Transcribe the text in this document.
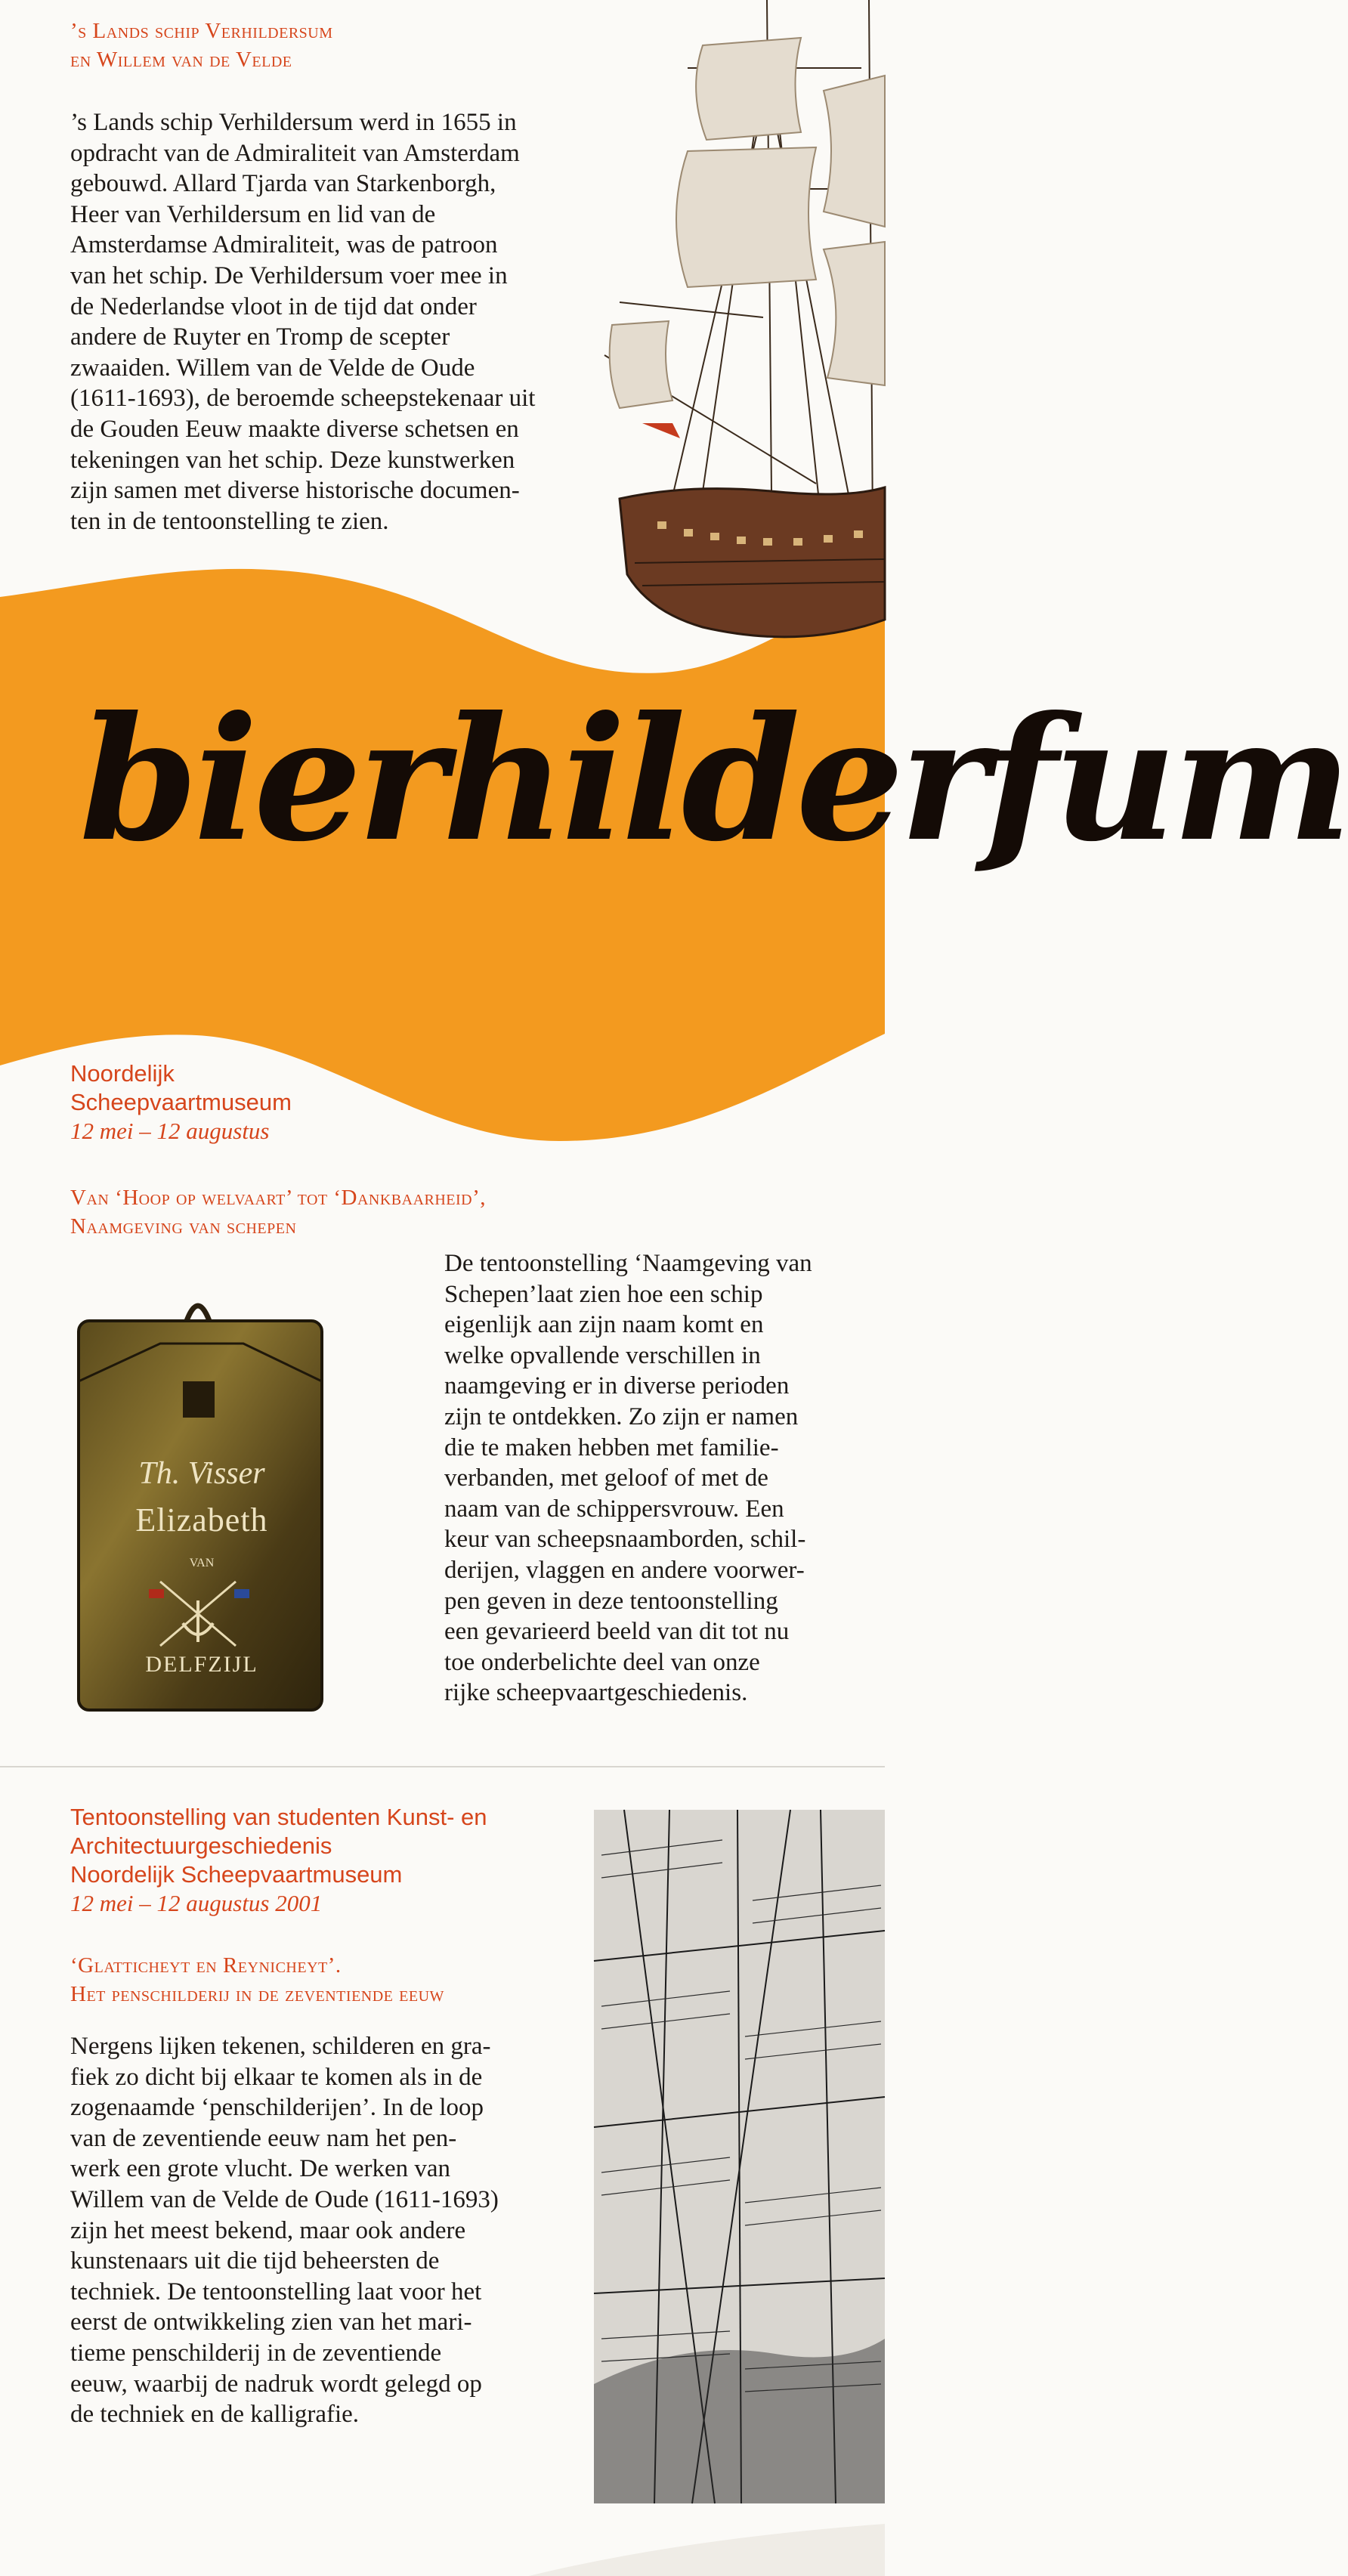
’s Lands schip Verhildersum
en Willem van de Velde

’s Lands schip Verhildersum werd in 1655 in
opdracht van de Admiraliteit van Amsterdam
gebouwd. Allard Tjarda van Starkenborgh,
Heer van Verhildersum en lid van de
Amsterdamse Admiraliteit, was de patroon
van het schip. De Verhildersum voer mee in
de Nederlandse vloot in de tijd dat onder
andere de Ruyter en Tromp de scepter
zwaaiden. Willem van de Velde de Oude
(1611-1693), de beroemde scheepstekenaar uit
de Gouden Eeuw maakte diverse schetsen en
tekeningen van het schip. Deze kunstwerken
zijn samen met diverse historische documen-
ten in de tentoonstelling te zien.

bierhilderfum

Noordelijk
Scheepvaartmuseum
12 mei – 12 augustus

Van ‘Hoop op welvaart’ tot ‘Dankbaarheid’,
Naamgeving van schepen

Th. Visser
Elizabeth
VAN
DELFZIJL

De tentoonstelling ‘Naamgeving van
Schepen’laat zien hoe een schip
eigenlijk aan zijn naam komt en
welke opvallende verschillen in
naamgeving er in diverse perioden
zijn te ontdekken. Zo zijn er namen
die te maken hebben met familie-
verbanden, met geloof of met de
naam van de schippersvrouw. Een
keur van scheepsnaamborden, schil-
derijen, vlaggen en andere voorwer-
pen geven in deze tentoonstelling
een gevarieerd beeld van dit tot nu
toe onderbelichte deel van onze
rijke scheepvaartgeschiedenis.

Tentoonstelling van studenten Kunst- en
Architectuurgeschiedenis
Noordelijk Scheepvaartmuseum
12 mei – 12 augustus 2001

‘Glatticheyt en Reynicheyt’.
Het penschilderij in de zeventiende eeuw

Nergens lijken tekenen, schilderen en gra-
fiek zo dicht bij elkaar te komen als in de
zogenaamde ‘penschilderijen’. In de loop
van de zeventiende eeuw nam het pen-
werk een grote vlucht. De werken van
Willem van de Velde de Oude (1611-1693)
zijn het meest bekend, maar ook andere
kunstenaars uit die tijd beheersten de
techniek. De tentoonstelling laat voor het
eerst de ontwikkeling zien van het mari-
tieme penschilderij in de zeventiende
eeuw, waarbij de nadruk wordt gelegd op
de techniek en de kalligrafie.
